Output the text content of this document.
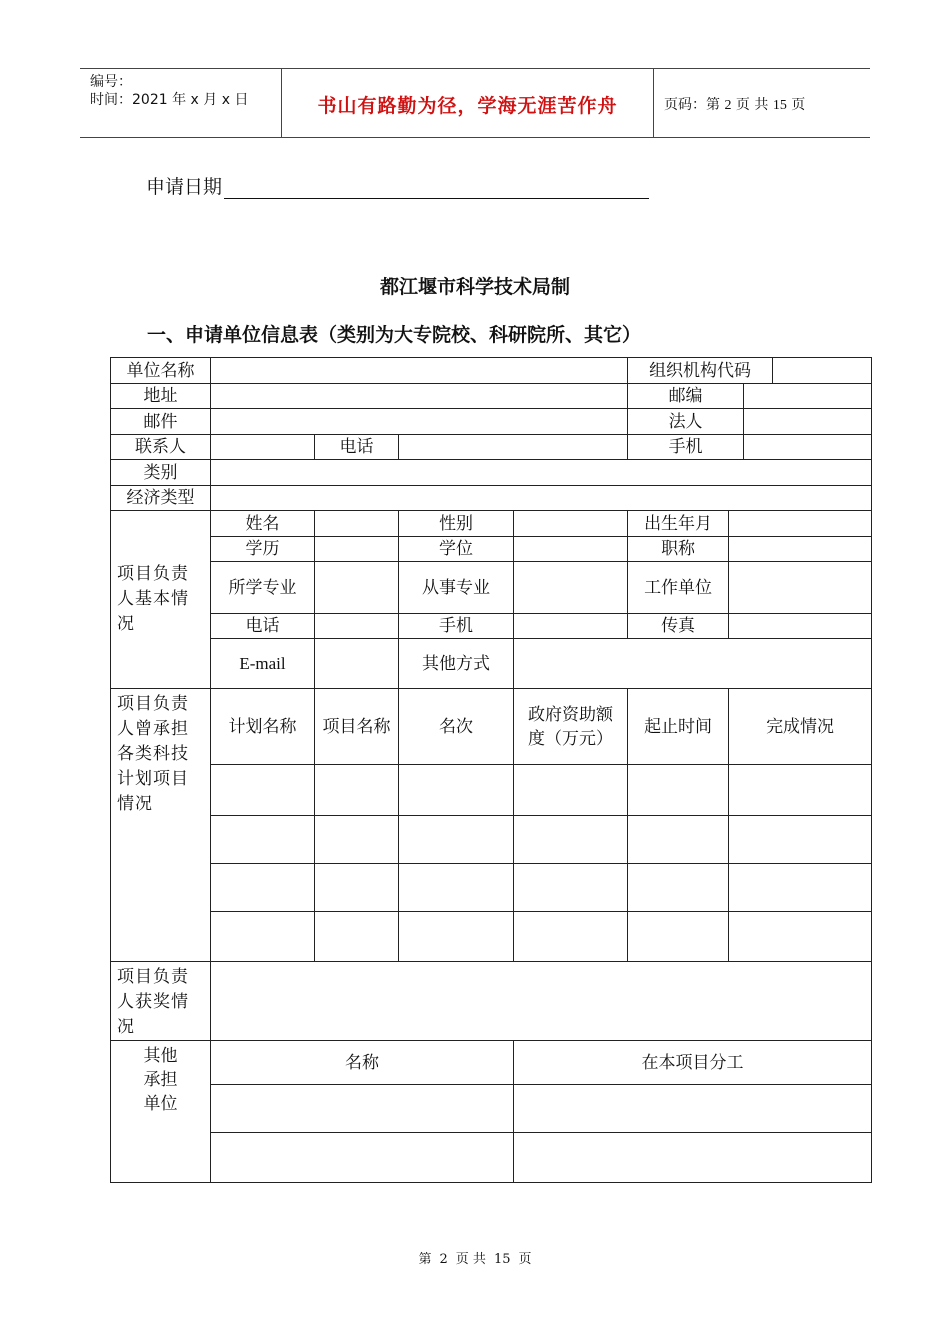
编号：
时间：2021 年 x 月 x 日	书山有路勤为径，学海无涯苦作舟	页码：第 2 页 共 15 页
申请日期
都江堰市科学技术局制
一、申请单位信息表（类别为大专院校、科研院所、其它）
单位名称					组织机构代码			
地址					邮编			
邮件					法人			
联系人		电话			手机			
类别								
经济类型								
项目负责人基本情况	姓名		性别		出生年月			
	学历		学位		职称			
	所学专业		从事专业		工作单位			
	电话		手机		传真			
	E-mail		其他方式					
项目负责人曾承担各类科技计划项目情况	计划名称	项目名称	名次	政府资助额度（万元）	起止时间	完成情况		

项目负责人获奖情况								
其他承担单位	名称			在本项目分工				

第 2 页 共 15 页
